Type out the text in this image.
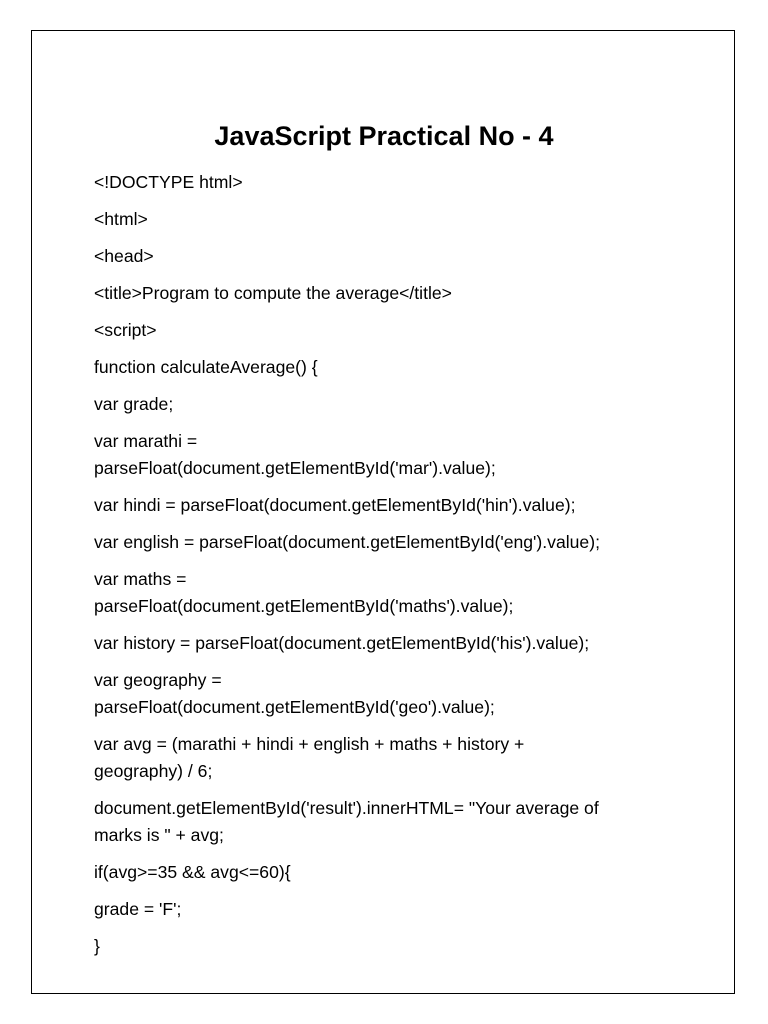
JavaScript Practical No - 4

<!DOCTYPE html>

<html>

<head>

<title>Program to compute the average</title>

<script>

function calculateAverage() {

var grade;

var marathi =
parseFloat(document.getElementById('mar').value);

var hindi = parseFloat(document.getElementById('hin').value);

var english = parseFloat(document.getElementById('eng').value);

var maths =
parseFloat(document.getElementById('maths').value);

var history = parseFloat(document.getElementById('his').value);

var geography =
parseFloat(document.getElementById('geo').value);

var avg = (marathi + hindi + english + maths + history +
geography) / 6;

document.getElementById('result').innerHTML= "Your average of
marks is " + avg;

if(avg>=35 && avg<=60){

grade = 'F';

}
